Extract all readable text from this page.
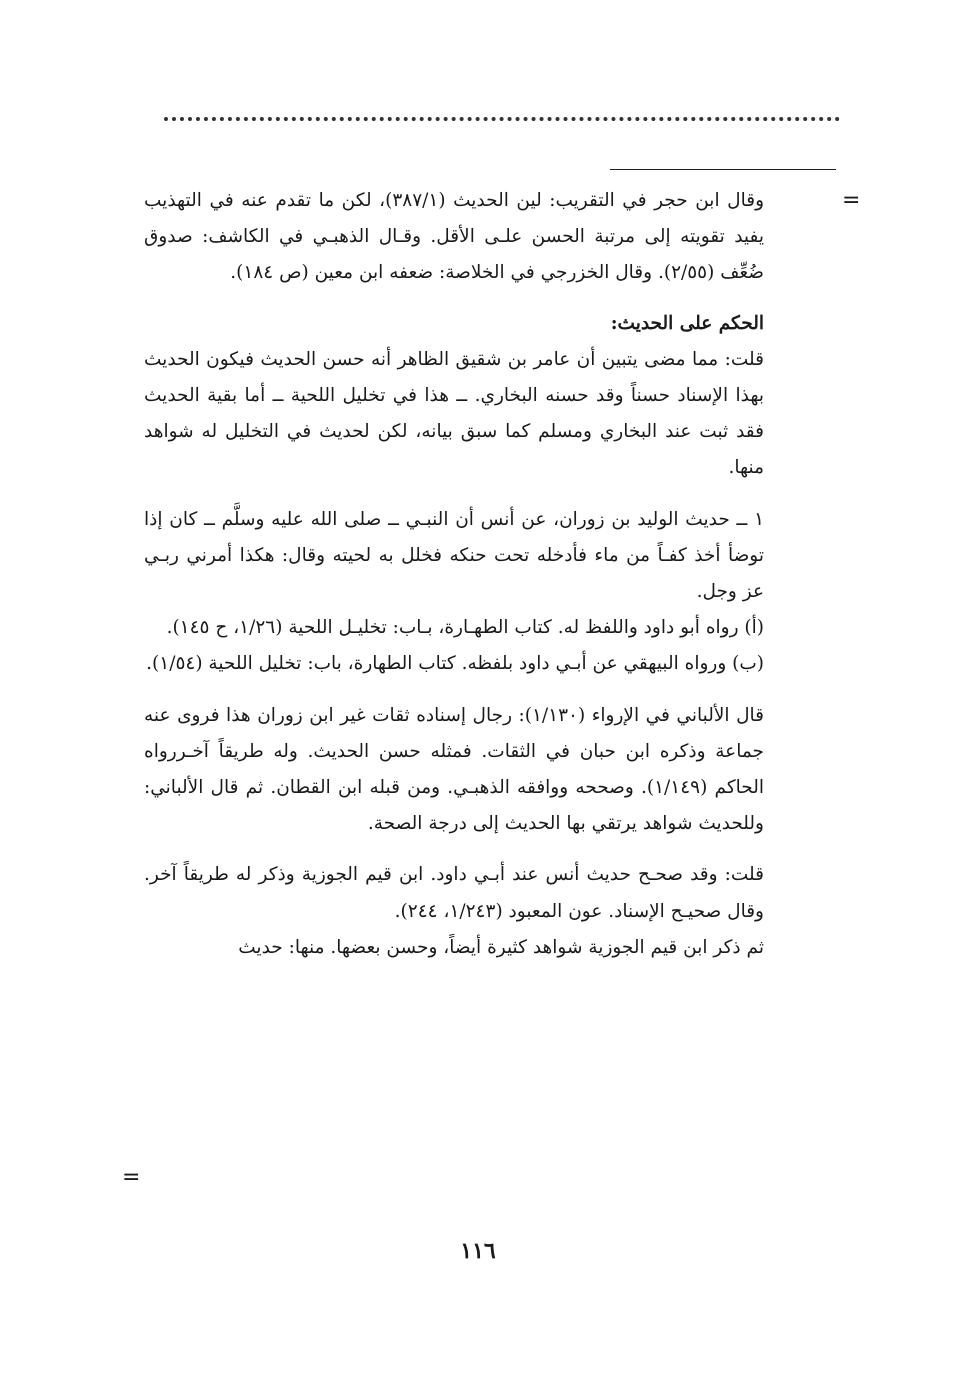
=

وقال ابن حجر في التقريب: لين الحديث (٣٨٧/١)، لكن ما تقدم عنه في التهذيب يفيد تقويته إلى مرتبة الحسن علـى الأقل. وقـال الذهبـي في الكاشف: صدوق ضُعِّف (٢/٥٥). وقال الخزرجي في الخلاصة: ضعفه ابن معين (ص ١٨٤).

الحكم على الحديث:

قلت: مما مضى يتبين أن عامر بن شقيق الظاهر أنه حسن الحديث فيكون الحديث بهذا الإسناد حسناً وقد حسنه البخاري. ــ هذا في تخليل اللحية ــ أما بقية الحديث فقد ثبت عند البخاري ومسلم كما سبق بيانه، لكن لحديث في التخليل له شواهد منها.

١ ــ حديث الوليد بن زوران، عن أنس أن النبـي ــ صلى الله عليه وسلَّم ــ كان إذا توضأ أخذ كفـاً من ماء فأدخله تحت حنكه فخلل به لحيته وقال: هكذا أمرني ربـي عز وجل.

(أ) رواه أبو داود واللفظ له. كتاب الطهـارة، بـاب: تخليـل اللحية (١/٢٦، ح ١٤٥).

(ب) ورواه البيهقي عن أبـي داود بلفظه. كتاب الطهارة، باب: تخليل اللحية (١/٥٤).

قال الألباني في الإرواء (١/١٣٠): رجال إسناده ثقات غير ابن زوران هذا فروى عنه جماعة وذكره ابن حبان في الثقات. فمثله حسن الحديث. وله طريقاً آخـررواه الحاكم (١/١٤٩). وصححه ووافقه الذهبـي. ومن قبله ابن القطان. ثم قال الألباني: وللحديث شواهد يرتقي بها الحديث إلى درجة الصحة.

قلت: وقد صحـح حديث أنس عند أبـي داود. ابن قيم الجوزية وذكر له طريقاً آخر. وقال صحيـح الإسناد. عون المعبود (١/٢٤٣، ٢٤٤).

ثم ذكر ابن قيم الجوزية شواهد كثيرة أيضاً، وحسن بعضها. منها: حديث

=
١١٦
